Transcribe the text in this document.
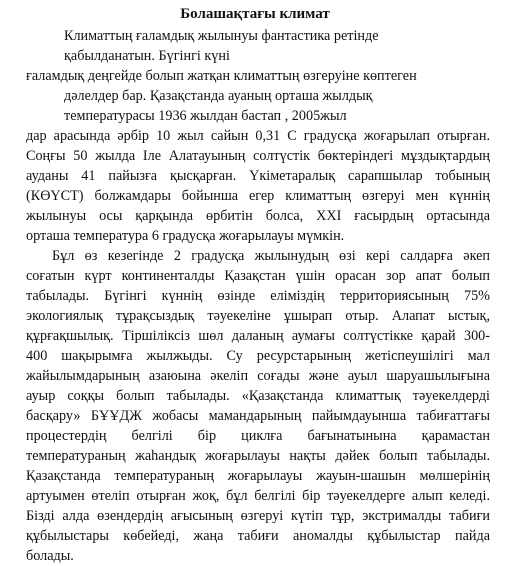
Болашақтағы климат
Климаттың ғаламдық жылынуы фантастика ретінде
қабылданатын. Бүгінгі күні
ғаламдық деңгейде болып жатқан климаттың өзгеруіне көптеген
дәлелдер бар. Қазақстанда ауаның орташа жылдық
температурасы 1936 жылдан бастап , 2005жыл
дар арасында әрбір 10 жыл сайын 0,31 С градусқа жоғарылап отырған.
Соңғы 50 жылда Іле Алатауының солтүстік бөктеріндегі мұздықтардың
ауданы 41 пайызға қысқарған. Үкіметаралық сарапшылар тобының
(КӨҮСТ) болжамдары бойынша егер климаттың өзгеруі мен күннің
жылынуы осы қарқында өрбитін болса, XXI ғасырдың ортасында
орташа температура 6 градусқа жоғарылауы мүмкін.
Бұл өз кезегінде 2 градусқа жылынудың өзі кері салдарға әкеп
соғатын күрт континенталды Қазақстан үшін орасан зор апат болып
табылады. Бүгінгі күннің өзінде еліміздің территориясының 75%
экологиялық тұрақсыздық тәуекеліне ұшырап отыр. Алапат ыстық,
құрғақшылық. Тіршіліксіз шөл даланың аумағы солтүстікке қарай 300-
400 шақырымға жылжыды. Су ресурстарының жетіспеушілігі мал
жайылымдарының азаюына әкеліп соғады және ауыл шаруашылығына
ауыр соққы болып табылады. «Қазақстанда климаттық тәуекелдерді
басқару» БҰҰДЖ жобасы мамандарының пайымдауынша табиғаттағы
процестердің белгілі бір циклға бағынатынына қарамастан
температураның жаһандық жоғарылауы нақты дәйек болып табылады.
Қазақстанда температураның жоғарылауы жауын-шашын мөлшерінің
артуымен өтеліп отырған жоқ, бұл белгілі бір тәуекелдерге алып келеді.
Бізді алда өзендердің ағысының өзгеруі күтіп тұр, экстрималды табиғи
құбылыстары көбейеді, жаңа табиғи аномалды құбылыстар пайда
болады.
